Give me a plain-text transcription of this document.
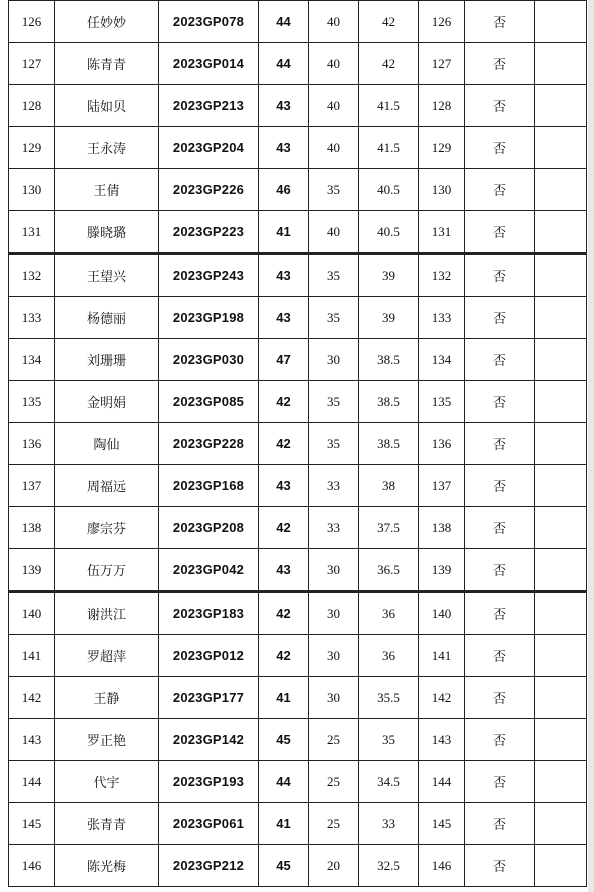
126	任妙妙	2023GP078	44	40	42	126	否	
127	陈青青	2023GP014	44	40	42	127	否	
128	陆如贝	2023GP213	43	40	41.5	128	否	
129	王永涛	2023GP204	43	40	41.5	129	否	
130	王倩	2023GP226	46	35	40.5	130	否	
131	滕晓璐	2023GP223	41	40	40.5	131	否	
132	王望兴	2023GP243	43	35	39	132	否	
133	杨德丽	2023GP198	43	35	39	133	否	
134	刘珊珊	2023GP030	47	30	38.5	134	否	
135	金明娟	2023GP085	42	35	38.5	135	否	
136	陶仙	2023GP228	42	35	38.5	136	否	
137	周福远	2023GP168	43	33	38	137	否	
138	廖宗芬	2023GP208	42	33	37.5	138	否	
139	伍万万	2023GP042	43	30	36.5	139	否	
140	谢洪江	2023GP183	42	30	36	140	否	
141	罗超萍	2023GP012	42	30	36	141	否	
142	王静	2023GP177	41	30	35.5	142	否	
143	罗正艳	2023GP142	45	25	35	143	否	
144	代宇	2023GP193	44	25	34.5	144	否	
145	张青青	2023GP061	41	25	33	145	否	
146	陈光梅	2023GP212	45	20	32.5	146	否	
